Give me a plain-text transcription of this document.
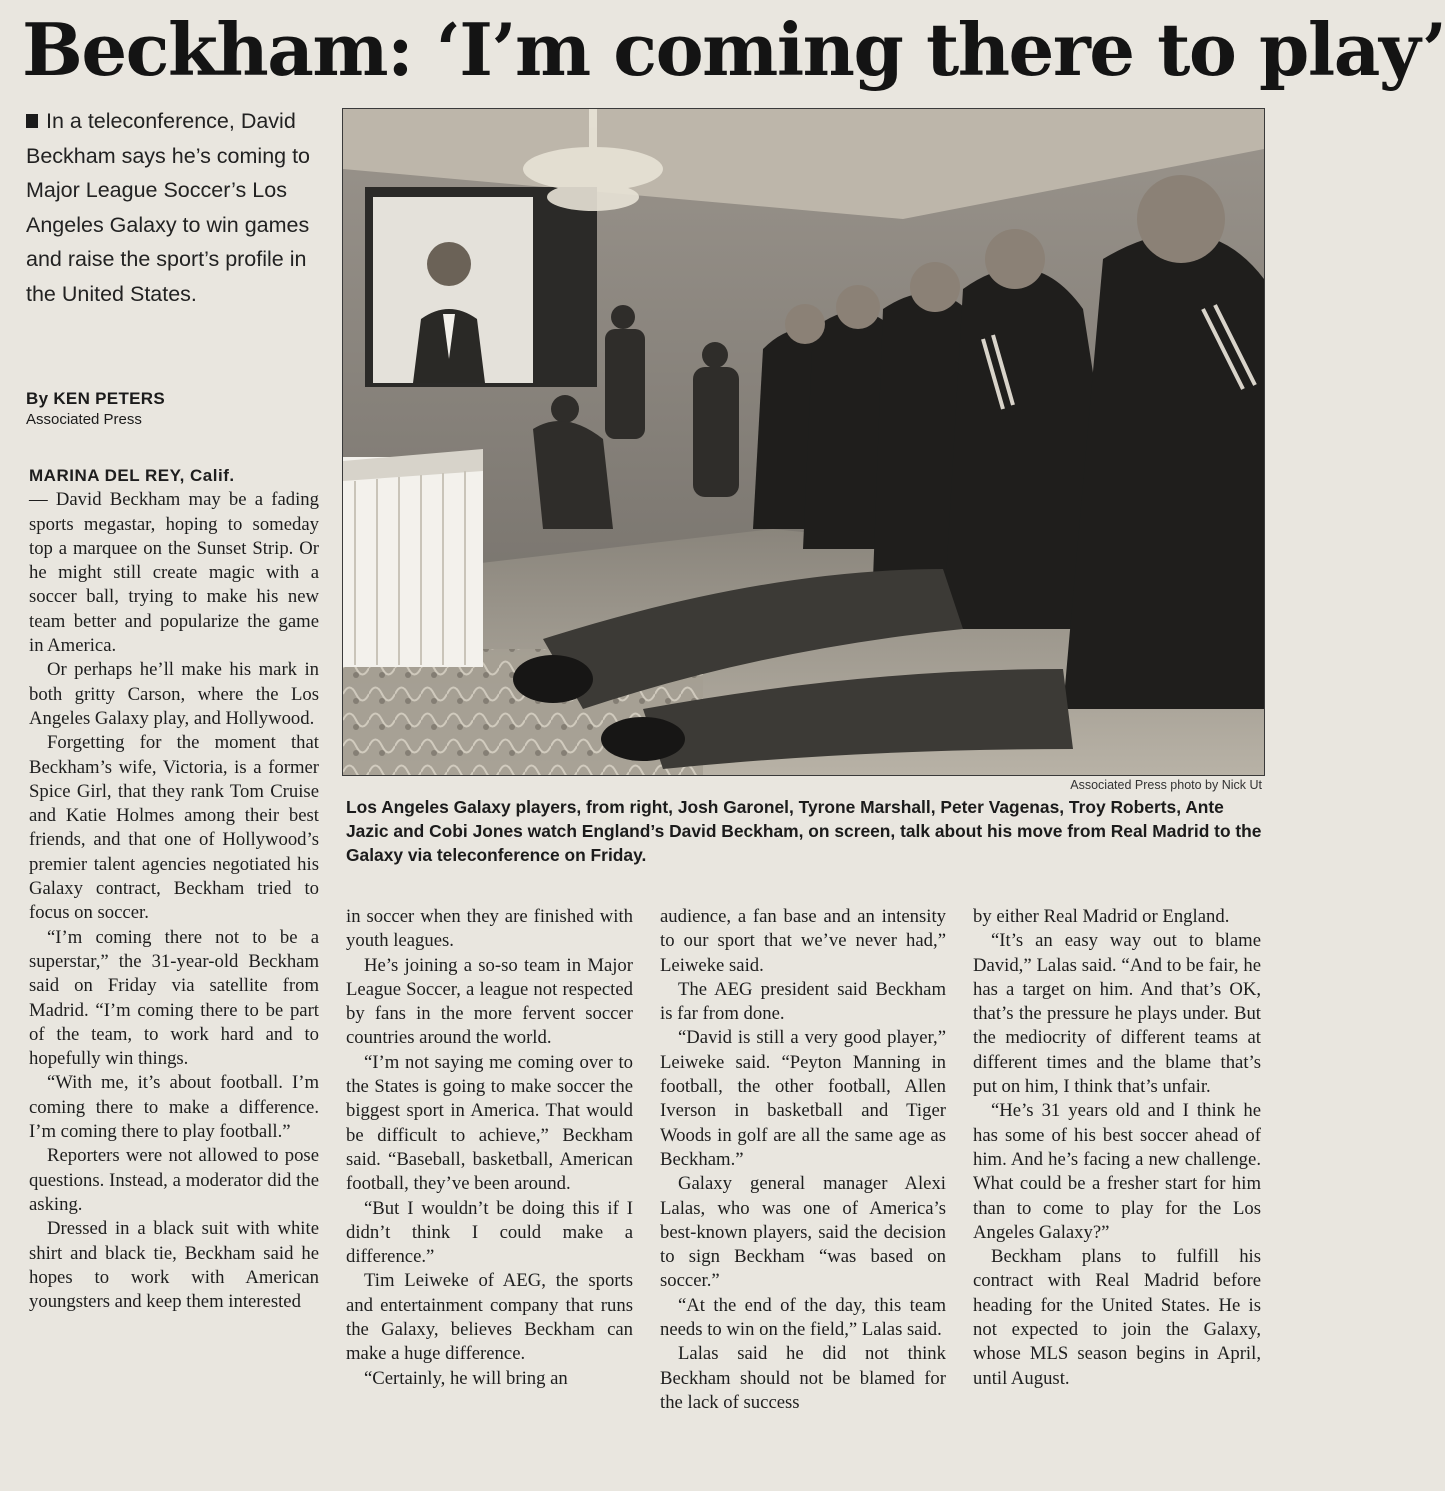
Beckham: ‘I’m coming there to play’
In a teleconference, David Beckham says he’s coming to Major League Soccer’s Los Angeles Galaxy to win games and raise the sport’s profile in the United States.
By KEN PETERS
Associated Press
Associated Press photo by Nick Ut
Los Angeles Galaxy players, from right, Josh Garonel, Tyrone Marshall, Peter Vagenas, Troy Roberts, Ante Jazic and Cobi Jones watch England’s David Beckham, on screen, talk about his move from Real Madrid to the Galaxy via teleconference on Friday.

MARINA DEL REY, Calif.

— David Beckham may be a fading sports megastar, hoping to someday top a marquee on the Sunset Strip. Or he might still create magic with a soccer ball, trying to make his new team better and popularize the game in America.

Or perhaps he’ll make his mark in both gritty Carson, where the Los Angeles Galaxy play, and Hollywood.

Forgetting for the moment that Beckham’s wife, Victoria, is a former Spice Girl, that they rank Tom Cruise and Katie Holmes among their best friends, and that one of Hollywood’s premier talent agencies negotiated his Galaxy contract, Beckham tried to focus on soccer.

“I’m coming there not to be a superstar,” the 31-year-old Beckham said on Friday via satellite from Madrid. “I’m coming there to be part of the team, to work hard and to hopefully win things.

“With me, it’s about football. I’m coming there to make a difference. I’m coming there to play football.”

Reporters were not allowed to pose questions. Instead, a moderator did the asking.

Dressed in a black suit with white shirt and black tie, Beckham said he hopes to work with American youngsters and keep them interested

in soccer when they are finished with youth leagues.

He’s joining a so-so team in Major League Soccer, a league not respected by fans in the more fervent soccer countries around the world.

“I’m not saying me coming over to the States is going to make soccer the biggest sport in America. That would be difficult to achieve,” Beckham said. “Baseball, basketball, American football, they’ve been around.

“But I wouldn’t be doing this if I didn’t think I could make a difference.”

Tim Leiweke of AEG, the sports and entertainment company that runs the Galaxy, believes Beckham can make a huge difference.

“Certainly, he will bring an

audience, a fan base and an intensity to our sport that we’ve never had,” Leiweke said.

The AEG president said Beckham is far from done.

“David is still a very good player,” Leiweke said. “Peyton Manning in football, the other football, Allen Iverson in basketball and Tiger Woods in golf are all the same age as Beckham.”

Galaxy general manager Alexi Lalas, who was one of America’s best-known players, said the decision to sign Beckham “was based on soccer.”

“At the end of the day, this team needs to win on the field,” Lalas said.

Lalas said he did not think Beckham should not be blamed for the lack of success

by either Real Madrid or England.

“It’s an easy way out to blame David,” Lalas said. “And to be fair, he has a target on him. And that’s OK, that’s the pressure he plays under. But the mediocrity of different teams at different times and the blame that’s put on him, I think that’s unfair.

“He’s 31 years old and I think he has some of his best soccer ahead of him. And he’s facing a new challenge. What could be a fresher start for him than to come to play for the Los Angeles Galaxy?”

Beckham plans to fulfill his contract with Real Madrid before heading for the United States. He is not expected to join the Galaxy, whose MLS season begins in April, until August.
